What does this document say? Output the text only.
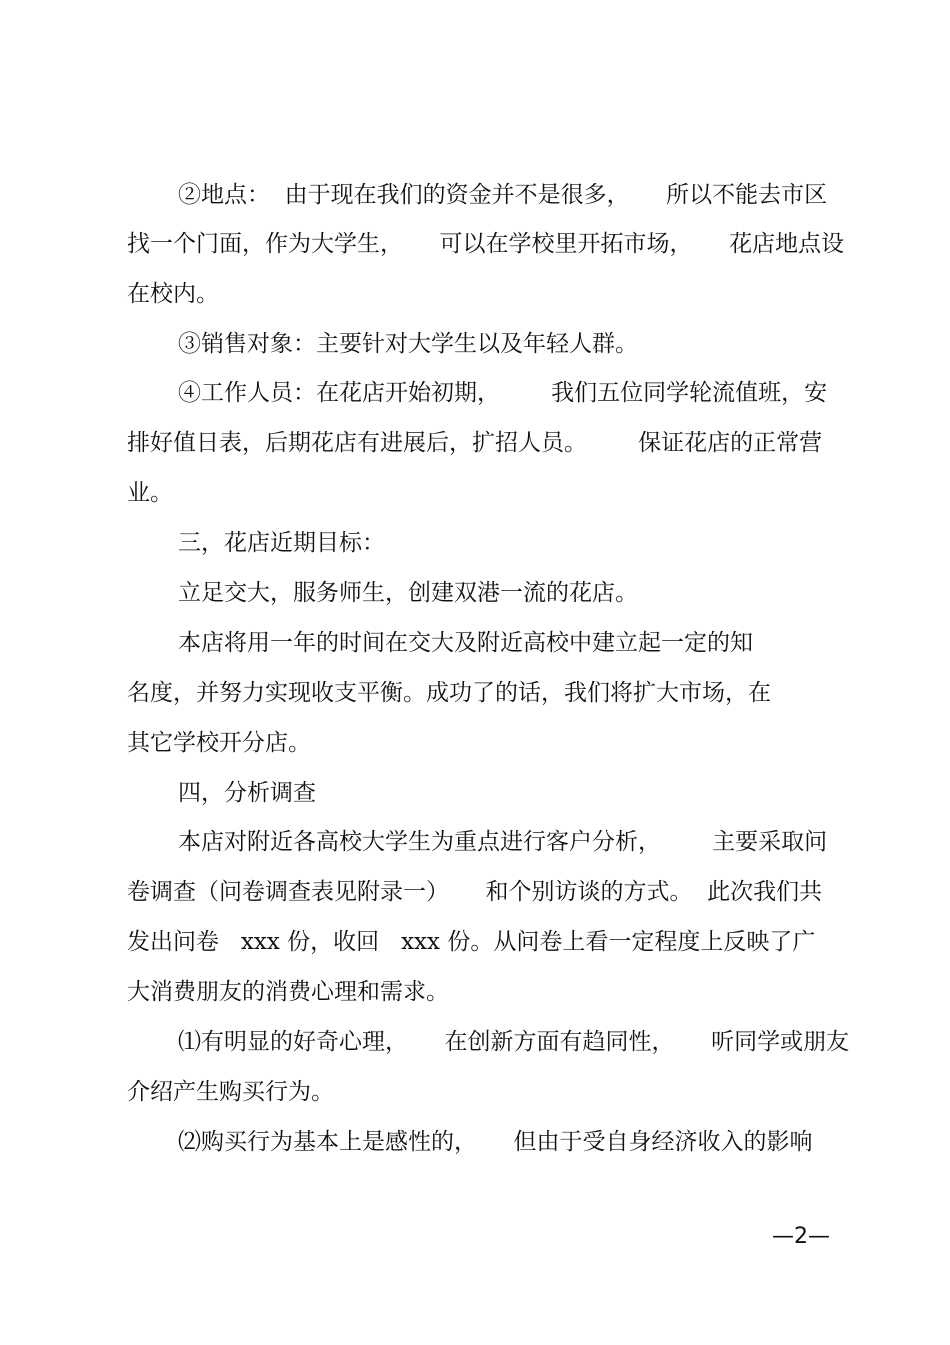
②地点：  由于现在我们的资金并不是很多，     所以不能去市区
找一个门面，作为大学生，     可以在学校里开拓市场，     花店地点设
在校内。
③销售对象：主要针对大学生以及年轻人群。
④工作人员：在花店开始初期，       我们五位同学轮流值班，安
排好值日表，后期花店有进展后，扩招人员。       保证花店的正常营
业。
三，花店近期目标：
立足交大，服务师生，创建双港一流的花店。
本店将用一年的时间在交大及附近高校中建立起一定的知
名度，并努力实现收支平衡。成功了的话，我们将扩大市场，在
其它学校开分店。
四，分析调查
本店对附近各高校大学生为重点进行客户分析，       主要采取问
卷调查（问卷调查表见附录一）     和个别访谈的方式。  此次我们共
发出问卷   xxx 份，收回   xxx 份。从问卷上看一定程度上反映了广
大消费朋友的消费心理和需求。
⑴有明显的好奇心理，     在创新方面有趋同性，     听同学或朋友
介绍产生购买行为。
⑵购买行为基本上是感性的，     但由于受自身经济收入的影响
—2—
